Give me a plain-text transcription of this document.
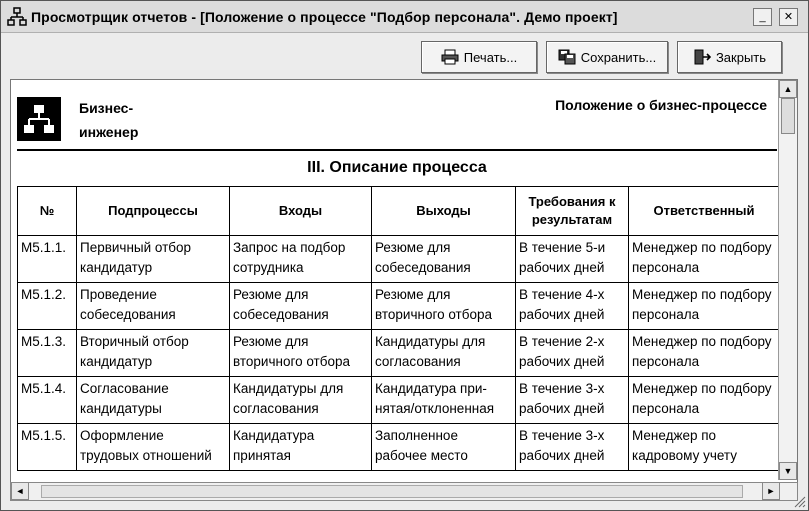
Просмотрщик отчетов - [Положение о процессе "Подбор персонала". Демо проект]	_	✕
Печать...	Сохранить...	Закрыть
Бизнес-
инженер
Положение о бизнес-процессе
III. Описание процесса
№	Подпроцессы	Входы	Выходы	Требования к результатам	Ответственный
M5.1.1.	Первичный отбор кандидатур	Запрос на подбор сотрудника	Резюме для собеседования	В течение 5-и рабочих дней	Менеджер по подбору персонала
M5.1.2.	Проведение собеседования	Резюме для собеседования	Резюме для вторичного отбора	В течение 4-х рабочих дней	Менеджер по подбору персонала
M5.1.3.	Вторичный отбор кандидатур	Резюме для вторичного отбора	Кандидатуры для согласования	В течение 2-х рабочих дней	Менеджер по подбору персонала
M5.1.4.	Согласование кандидатуры	Кандидатуры для согласования	Кандидатура при-
нятая/отклоненная	В течение 3-х рабочих дней	Менеджер по подбору персонала
M5.1.5.	Оформление трудовых отношений	Кандидатура принятая	Заполненное рабочее место	В течение 3-х рабочих дней	Менеджер по кадровому учету
▲
▼
◄	►
